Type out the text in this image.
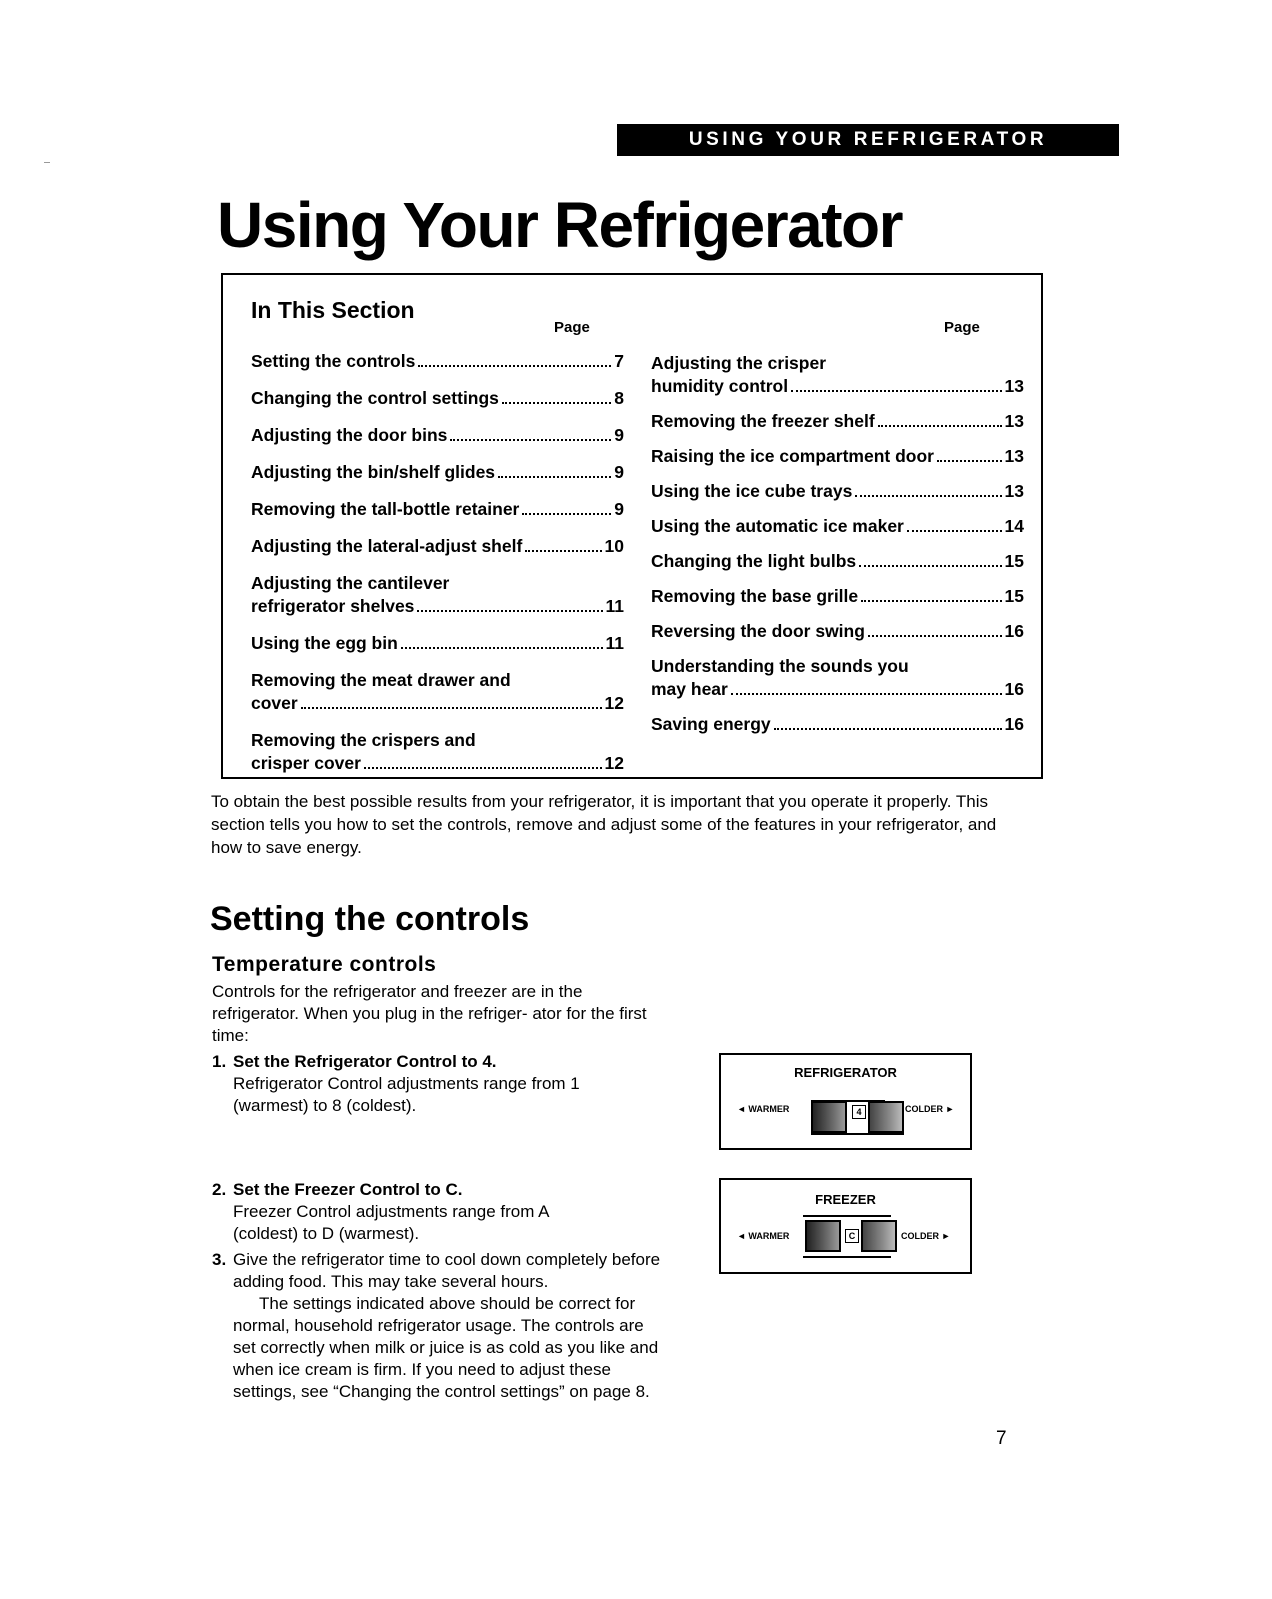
USING YOUR REFRIGERATOR
Using Your Refrigerator
In This Section
Page	Page
Setting the controls	7
Changing the control settings	8
Adjusting the door bins	9
Adjusting the bin/shelf glides	9
Removing the tall-bottle retainer	9
Adjusting the lateral-adjust shelf	10
Adjusting the cantilever
refrigerator shelves	11
Using the egg bin	11
Removing the meat drawer and
cover	12
Removing the crispers and
crisper cover	12
Adjusting the crisper
humidity control	13
Removing the freezer shelf	13
Raising the ice compartment door	13
Using the ice cube trays	13
Using the automatic ice maker	14
Changing the light bulbs	15
Removing the base grille	15
Reversing the door swing	16
Understanding the sounds you
may hear	16
Saving energy	16
To obtain the best possible results from your refrigerator, it is important that you operate it properly. This section tells you how to set the controls, remove and adjust some of the features in your refrigerator, and how to save energy.
Setting the controls
Temperature controls
Controls for the refrigerator and freezer are in the refrigerator. When you plug in the refriger- ator for the first time:
1. Set the Refrigerator Control to 4.
Refrigerator Control adjustments range from 1 (warmest) to 8 (coldest).
2. Set the Freezer Control to C.
Freezer Control adjustments range from A (coldest) to D (warmest).
3. Give the refrigerator time to cool down completely before adding food. This may take several hours.
The settings indicated above should be correct for normal, household refrigerator usage. The controls are set correctly when milk or juice is as cold as you like and when ice cream is firm. If you need to adjust these settings, see “Changing the control settings” on page 8.
REFRIGERATOR
◄ WARMER	4	COLDER ►
FREEZER
◄ WARMER	C	COLDER ►
7
